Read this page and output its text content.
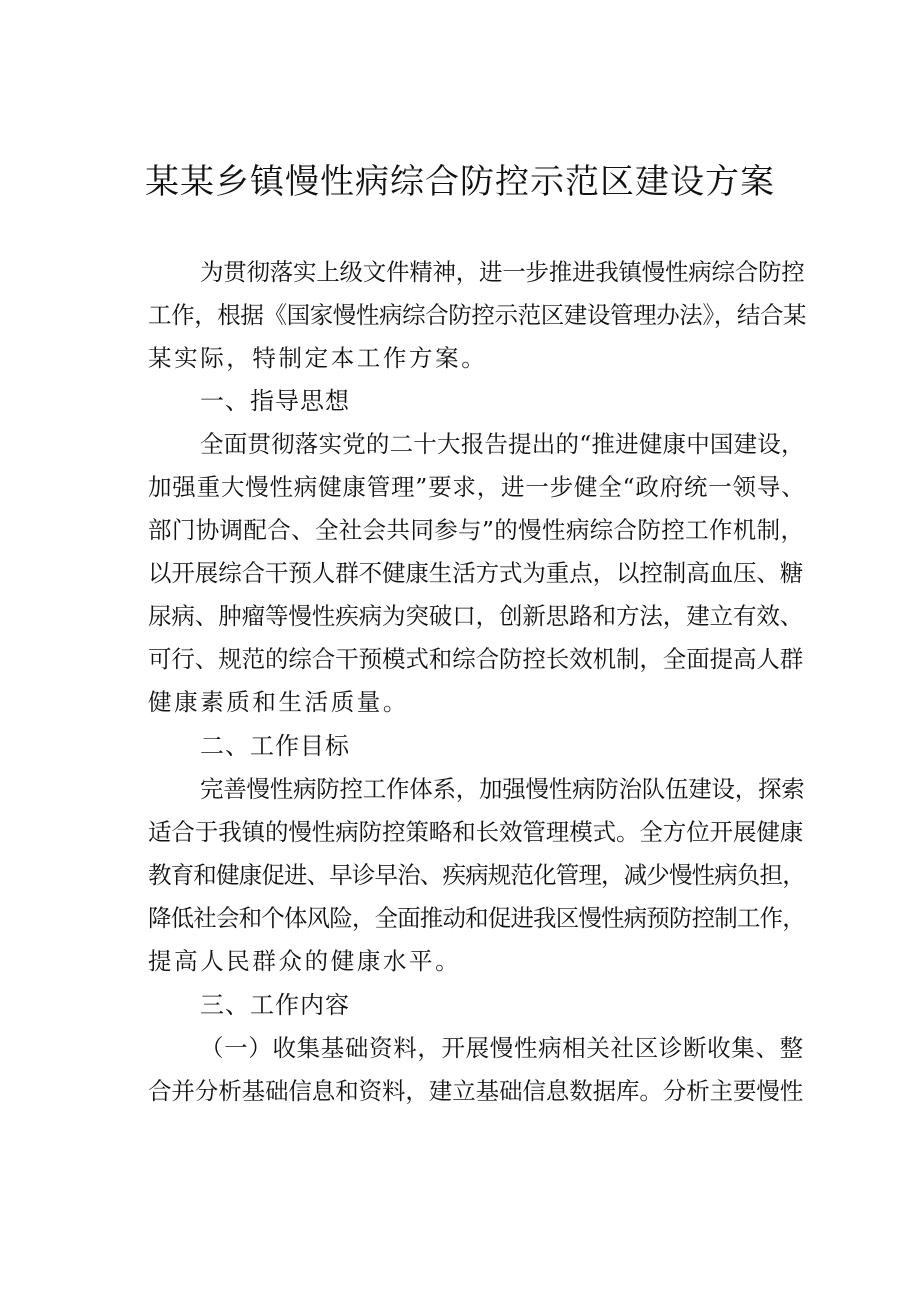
某某乡镇慢性病综合防控示范区建设方案
为贯彻落实上级文件精神，进一步推进我镇慢性病综合防控
工作，根据《国家慢性病综合防控示范区建设管理办法》，结合某
某实际，特制定本工作方案。
一、指导思想
全面贯彻落实党的二十大报告提出的“推进健康中国建设，
加强重大慢性病健康管理”要求，进一步健全“政府统一领导、
部门协调配合、全社会共同参与”的慢性病综合防控工作机制，
以开展综合干预人群不健康生活方式为重点，以控制高血压、糖
尿病、肿瘤等慢性疾病为突破口，创新思路和方法，建立有效、
可行、规范的综合干预模式和综合防控长效机制，全面提高人群
健康素质和生活质量。
二、工作目标
完善慢性病防控工作体系，加强慢性病防治队伍建设，探索
适合于我镇的慢性病防控策略和长效管理模式。全方位开展健康
教育和健康促进、早诊早治、疾病规范化管理，减少慢性病负担，
降低社会和个体风险，全面推动和促进我区慢性病预防控制工作，
提高人民群众的健康水平。
三、工作内容
（一）收集基础资料，开展慢性病相关社区诊断收集、整
合并分析基础信息和资料，建立基础信息数据库。分析主要慢性
